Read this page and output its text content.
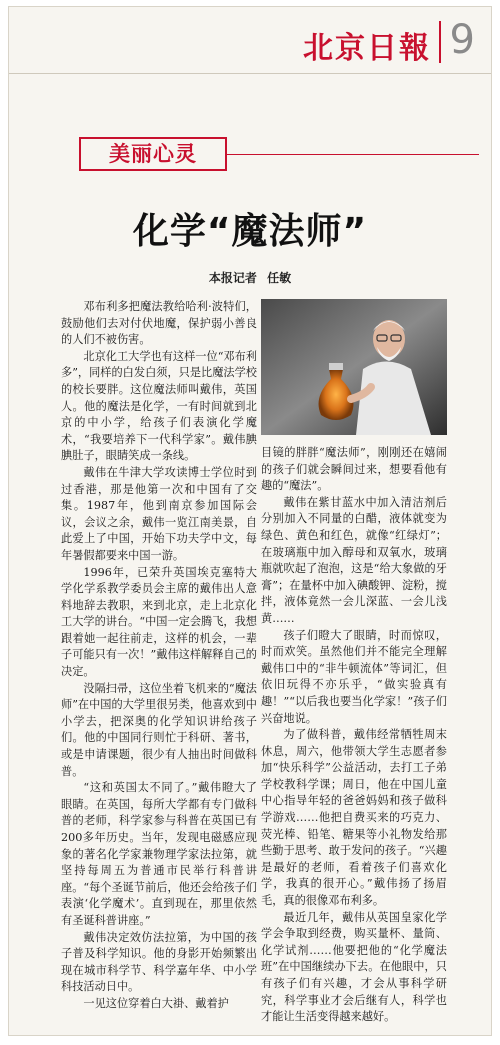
北京日報 9
美丽心灵
化学“魔法师”
本报记者 任敏

邓布利多把魔法教给哈利·波特们，鼓励他们去对付伏地魔，保护弱小善良的人们不被伤害。

北京化工大学也有这样一位“邓布利多”，同样的白发白须，只是比魔法学校的校长要胖。这位魔法师叫戴伟，英国人。他的魔法是化学，一有时间就到北京的中小学，给孩子们表演化学魔术，“我要培养下一代科学家”。戴伟腆腆肚子，眼睛笑成一条线。

戴伟在牛津大学攻读博士学位时到过香港，那是他第一次和中国有了交集。1987年，他到南京参加国际会议，会议之余，戴伟一览江南美景，自此爱上了中国，开始下功夫学中文，每年暑假都要来中国一游。

1996年，已荣升英国埃克塞特大学化学系教学委员会主席的戴伟出人意料地辞去教职，来到北京，走上北京化工大学的讲台。“中国一定会腾飞，我想跟着她一起往前走，这样的机会，一辈子可能只有一次！”戴伟这样解释自己的决定。

没隔扫帚，这位坐着飞机来的“魔法师”在中国的大学里很另类，他喜欢到中小学去，把深奥的化学知识讲给孩子们。他的中国同行则忙于科研、著书，或是申请课题，很少有人抽出时间做科普。

“这和英国太不同了。”戴伟瞪大了眼睛。在英国，每所大学都有专门做科普的老师，科学家参与科普在英国已有200多年历史。当年，发现电磁感应现象的著名化学家兼物理学家法拉第，就坚持每周五为普通市民举行科普讲座。“每个圣诞节前后，他还会给孩子们表演‘化学魔术’。直到现在，那里依然有圣诞科普讲座。”

戴伟决定效仿法拉第，为中国的孩子普及科学知识。他的身影开始频繁出现在城市科学节、科学嘉年华、中小学科技活动日中。

一见这位穿着白大褂、戴着护

目镜的胖胖“魔法师”，刚刚还在嬉闹的孩子们就会瞬间过来，想要看他有趣的“魔法”。

戴伟在紫甘蓝水中加入清洁剂后分别加入不同量的白醋，液体就变为绿色、黄色和红色，就像“红绿灯”；在玻璃瓶中加入醇母和双氧水，玻璃瓶就吹起了泡泡，这是“给大象做的牙膏”；在量杯中加入碘酸钾、淀粉，搅拌，液体竟然一会儿深蓝、一会儿浅黄……

孩子们瞪大了眼睛，时而惊叹，时而欢笑。虽然他们并不能完全理解戴伟口中的“非牛顿流体”等词汇，但依旧玩得不亦乐乎，“做实验真有趣！”“以后我也要当化学家！”孩子们兴奋地说。

为了做科普，戴伟经常牺牲周末休息，周六，他带领大学生志愿者参加“快乐科学”公益活动，去打工子弟学校教科学课；周日，他在中国儿童中心指导年轻的爸爸妈妈和孩子做科学游戏……他把自费买来的巧克力、荧光棒、铅笔、糖果等小礼物发给那些勤于思考、敢于发问的孩子。“兴趣是最好的老师，看着孩子们喜欢化学，我真的很开心。”戴伟扬了扬眉毛，真的很像邓布利多。

最近几年，戴伟从英国皇家化学学会争取到经费，购买量杯、量筒、化学试剂……他要把他的“化学魔法班”在中国继续办下去。在他眼中，只有孩子们有兴趣，才会从事科学研究，科学事业才会后继有人，科学也才能让生活变得越来越好。
